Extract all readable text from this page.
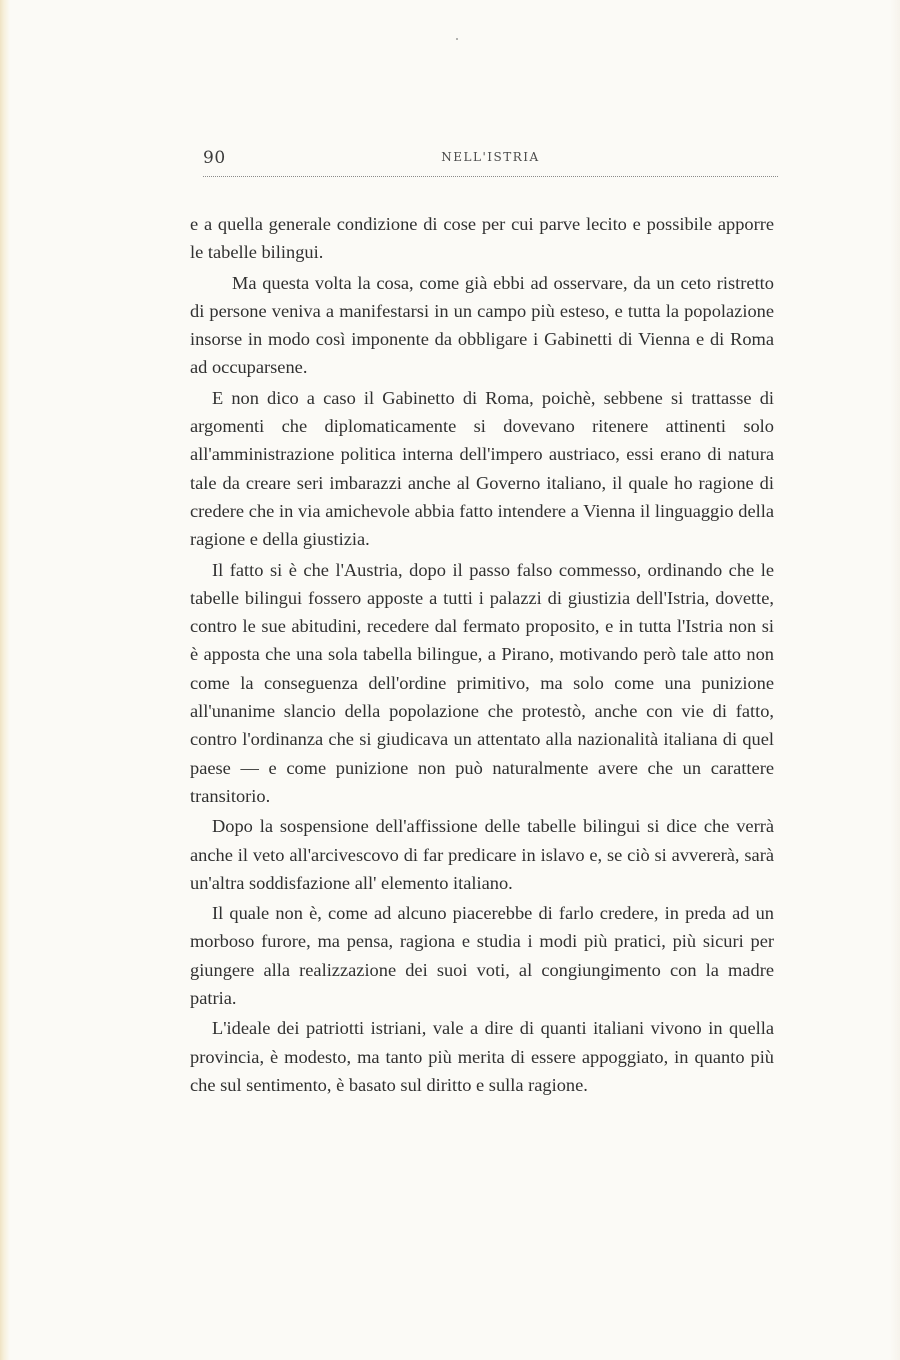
90	NELL'ISTRIA

e a quella generale condizione di cose per cui parve lecito e possibile apporre le tabelle bilingui.

Ma questa volta la cosa, come già ebbi ad osservare, da un ceto ristretto di persone veniva a manifestarsi in un campo più esteso, e tutta la popolazione insorse in modo così imponente da obbligare i Gabinetti di Vienna e di Roma ad occuparsene.

E non dico a caso il Gabinetto di Roma, poichè, sebbene si trattasse di argomenti che diplomaticamente si dovevano ritenere attinenti solo all'amministrazione politica interna dell'impero austriaco, essi erano di natura tale da creare seri imbarazzi anche al Governo italiano, il quale ho ragione di credere che in via amichevole abbia fatto intendere a Vienna il linguaggio della ragione e della giustizia.

Il fatto si è che l'Austria, dopo il passo falso commesso, ordinando che le tabelle bilingui fossero apposte a tutti i palazzi di giustizia dell'Istria, dovette, contro le sue abitudini, recedere dal fermato proposito, e in tutta l'Istria non si è apposta che una sola tabella bilingue, a Pirano, motivando però tale atto non come la conseguenza dell'ordine primitivo, ma solo come una punizione all'unanime slancio della popolazione che protestò, anche con vie di fatto, contro l'ordinanza che si giudicava un attentato alla nazionalità italiana di quel paese — e come punizione non può naturalmente avere che un carattere transitorio.

Dopo la sospensione dell'affissione delle tabelle bilingui si dice che verrà anche il veto all'arcivescovo di far predicare in islavo e, se ciò si avvererà, sarà un'altra soddisfazione all' elemento italiano.

Il quale non è, come ad alcuno piacerebbe di farlo credere, in preda ad un morboso furore, ma pensa, ragiona e studia i modi più pratici, più sicuri per giungere alla realizzazione dei suoi voti, al congiungimento con la madre patria.

L'ideale dei patriotti istriani, vale a dire di quanti italiani vivono in quella provincia, è modesto, ma tanto più merita di essere appoggiato, in quanto più che sul sentimento, è basato sul diritto e sulla ragione.
